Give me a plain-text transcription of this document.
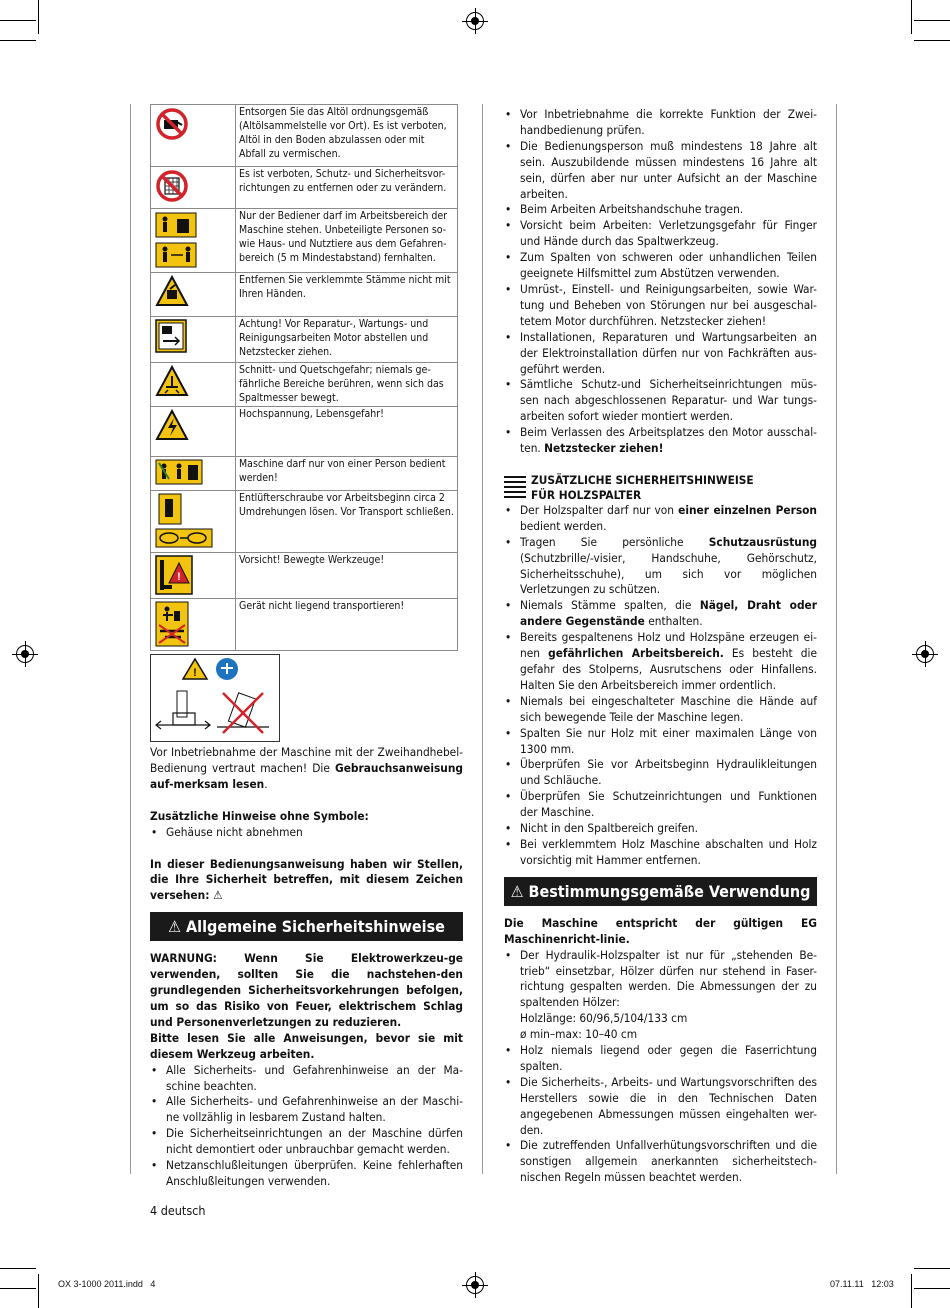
	Entsorgen Sie das Altöl ordnungsgemäß (Altölsammelstelle vor Ort). Es ist verboten, Altöl in den Boden abzulassen oder mit Abfall zu vermischen.

	Es ist verboten, Schutz- und Sicherheitsvor-richtungen zu entfernen oder zu verändern.

	Nur der Bediener darf im Arbeitsbereich der Maschine stehen. Unbeteiligte Personen so-wie Haus- und Nutztiere aus dem Gefahren-bereich (5 m Mindestabstand) fernhalten.

	Entfernen Sie verklemmte Stämme nicht mit Ihren Händen.

	Achtung! Vor Reparatur-, Wartungs- und Reinigungsarbeiten Motor abstellen und Netzstecker ziehen.

	Schnitt- und Quetschgefahr; niemals ge-fährliche Bereiche berühren, wenn sich das Spaltmesser bewegt.

	Hochspannung, Lebensgefahr!

	Maschine darf nur von einer Person bedient werden!

	Entlüfterschraube vor Arbeitsbeginn circa 2 Umdrehungen lösen. Vor Transport schließen.

!	Vorsicht! Bewegte Werkzeuge!

	Gerät nicht liegend transportieren!
!

Vor Inbetriebnahme der Maschine mit der Zweihandhebel-Bedienung vertraut machen! Die Gebrauchsanweisung auf-merksam lesen.

Zusätzliche Hinweise ohne Symbole:

• Gehäuse nicht abnehmen

In dieser Bedienungsanweisung haben wir Stellen, die Ihre Sicherheit betreffen, mit diesem Zeichen versehen: ⚠

⚠ Allgemeine Sicherheitshinweise

WARNUNG: Wenn Sie Elektrowerkzeu-ge verwenden, sollten Sie die nachstehen-den grundlegenden Sicherheitsvorkehrungen befolgen, um so das Risiko von Feuer, elektrischem Schlag und Personenverletzungen zu reduzieren.

Bitte lesen Sie alle Anweisungen, bevor sie mit diesem Werkzeug arbeiten.

• Alle Sicherheits- und Gefahrenhinweise an der Ma-schine beachten.
• Alle Sicherheits- und Gefahrenhinweise an der Maschi-ne vollzählig in lesbarem Zustand halten.
• Die Sicherheitseinrichtungen an der Maschine dürfen nicht demontiert oder unbrauchbar gemacht werden.
• Netzanschlußleitungen überprüfen. Keine fehlerhaften Anschlußleitungen verwenden.
• Vor Inbetriebnahme die korrekte Funktion der Zwei-handbedienung prüfen.
• Die Bedienungsperson muß mindestens 18 Jahre alt sein. Auszubildende müssen mindestens 16 Jahre alt sein, dürfen aber nur unter Aufsicht an der Maschine arbeiten.
• Beim Arbeiten Arbeitshandschuhe tragen.
• Vorsicht beim Arbeiten: Verletzungsgefahr für Finger und Hände durch das Spaltwerkzeug.
• Zum Spalten von schweren oder unhandlichen Teilen geeignete Hilfsmittel zum Abstützen verwenden.
• Umrüst-, Einstell- und Reinigungsarbeiten, sowie War-tung und Beheben von Störungen nur bei ausgeschal-tetem Motor durchführen. Netzstecker ziehen!
• Installationen, Reparaturen und Wartungsarbeiten an der Elektroinstallation dürfen nur von Fachkräften aus-geführt werden.
• Sämtliche Schutz-und Sicherheitseinrichtungen müs-sen nach abgeschlossenen Reparatur- und War tungs-arbeiten sofort wieder montiert werden.
• Beim Verlassen des Arbeitsplatzes den Motor ausschal-ten. Netzstecker ziehen!
ZUSÄTZLICHE SICHERHEITSHINWEISE
FÜR HOLZSPALTER
• Der Holzspalter darf nur von einer einzelnen Person bedient werden.
• Tragen Sie persönliche Schutzausrüstung (Schutzbrille/-visier, Handschuhe, Gehörschutz, Sicherheitsschuhe), um sich vor möglichen Verletzungen zu schützen.
• Niemals Stämme spalten, die Nägel, Draht oder andere Gegenstände enthalten.
• Bereits gespaltenens Holz und Holzspäne erzeugen ei-nen gefährlichen Arbeitsbereich. Es besteht die gefahr des Stolperns, Ausrutschens oder Hinfallens. Halten Sie den Arbeitsbereich immer ordentlich.
• Niemals bei eingeschalteter Maschine die Hände auf sich bewegende Teile der Maschine legen.
• Spalten Sie nur Holz mit einer maximalen Länge von 1300 mm.
• Überprüfen Sie vor Arbeitsbeginn Hydraulikleitungen und Schläuche.
• Überprüfen Sie Schutzeinrichtungen und Funktionen der Maschine.
• Nicht in den Spaltbereich greifen.
• Bei verklemmtem Holz Maschine abschalten und Holz vorsichtig mit Hammer entfernen.
⚠ Bestimmungsgemäße Verwendung

Die Maschine entspricht der gültigen EG Maschinenricht-linie.

• Der Hydraulik-Holzspalter ist nur für „stehenden Be-trieb“ einsetzbar, Hölzer dürfen nur stehend in Faser-richtung gespalten werden. Die Abmessungen der zu spaltenden Hölzer:
Holzlänge: 60/96,5/104/133 cm
ø min–max: 10–40 cm
• Holz niemals liegend oder gegen die Faserrichtung spalten.
• Die Sicherheits-, Arbeits- und Wartungsvorschriften des Herstellers sowie die in den Technischen Daten angegebenen Abmessungen müssen eingehalten wer-den.
• Die zutreffenden Unfallverhütungsvorschriften und die sonstigen allgemein anerkannten sicherheitstech-nischen Regeln müssen beachtet werden.
4 deutsch
OX 3-1000 2011.indd   4	07.11.11   12:03
